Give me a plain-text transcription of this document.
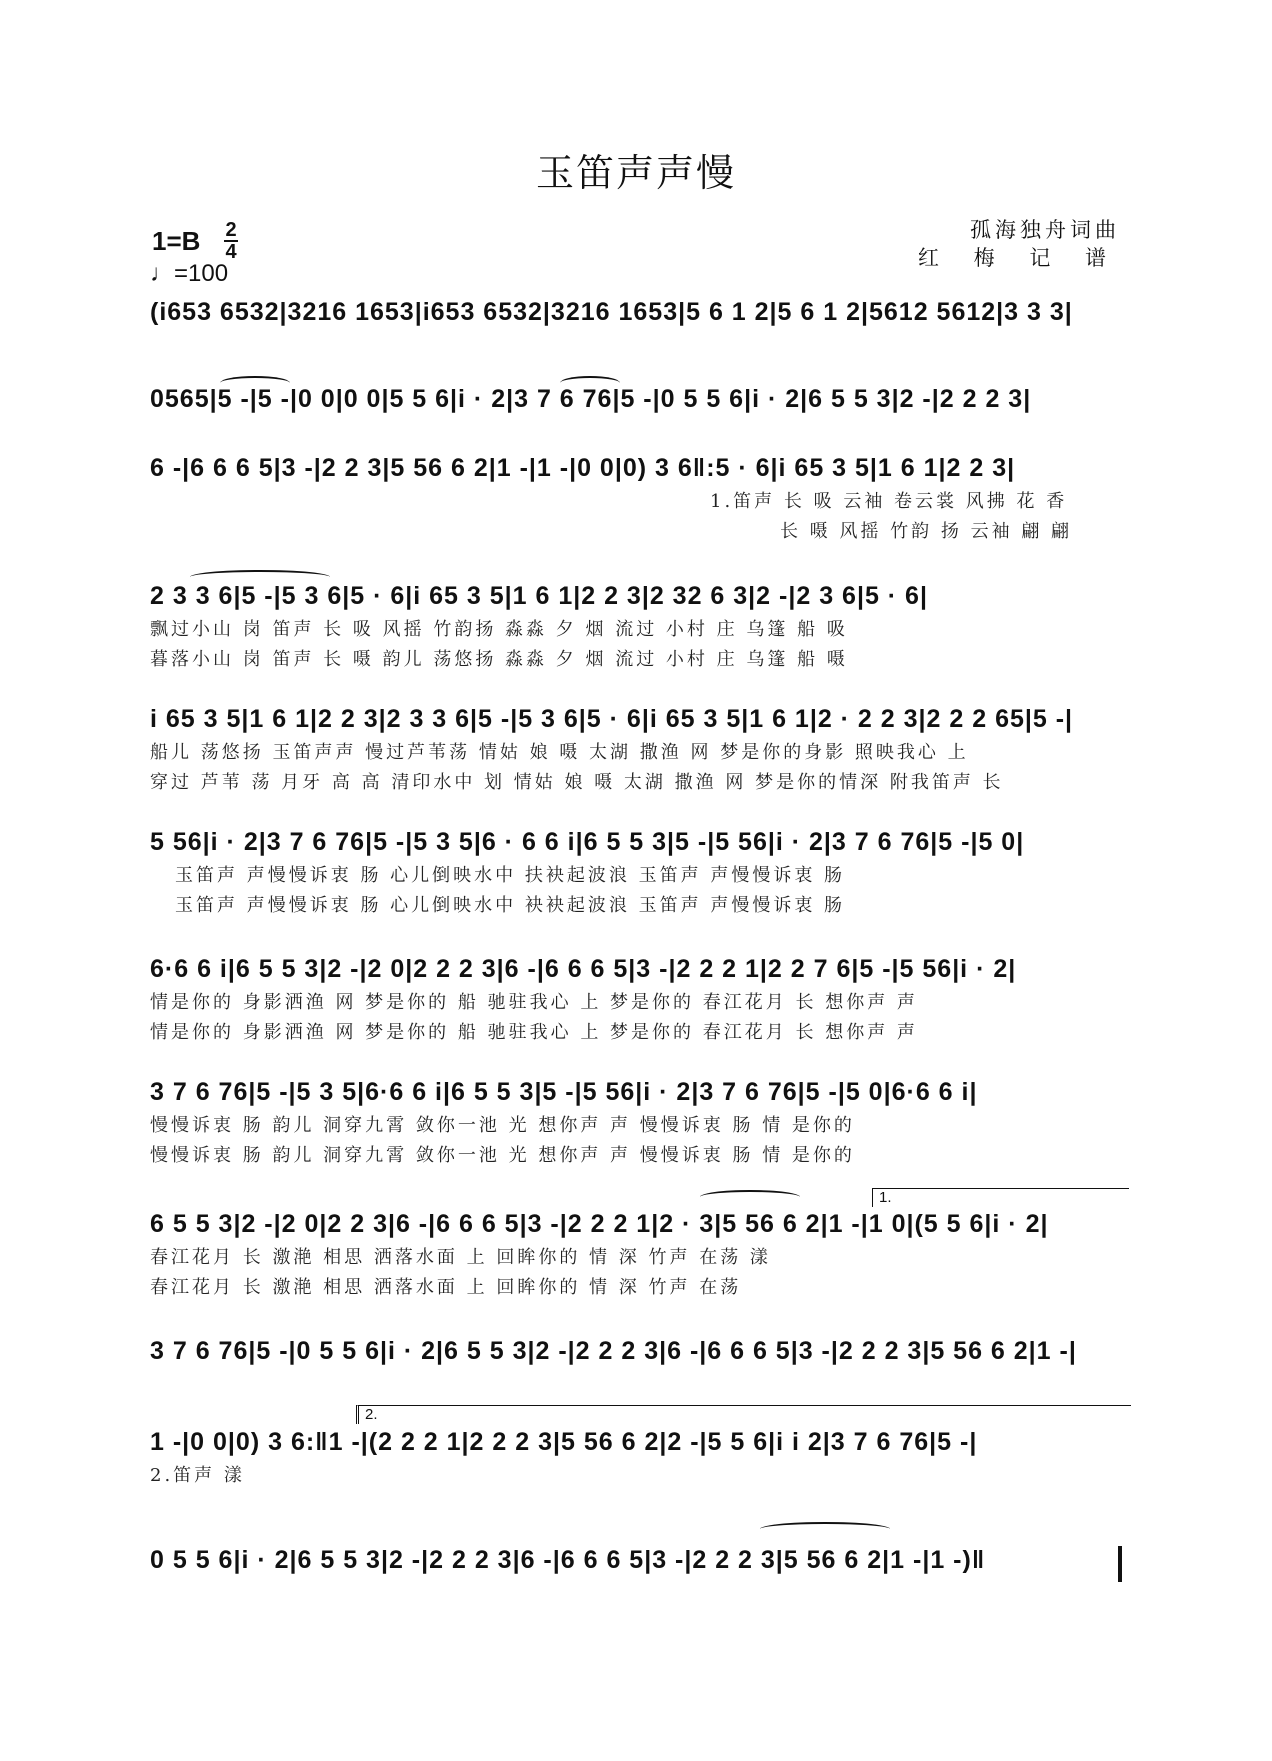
玉笛声声慢
1=B 2
4
♩=100
孤海独舟词曲
红 梅 记 谱
(i653 6532|3216 1653|i653 6532|3216 1653|5 6 1 2|5 6 1 2|5612 5612|3 3 3|
0565|5 -|5 -|0 0|0 0|5 5 6|i · 2|3 7 6 76|5 -|0 5 5 6|i · 2|6 5 5 3|2 -|2 2 2 3|
6 -|6 6 6 5|3 -|2 2 3|5 56 6 2|1 -|1 -|0 0|0) 3 6‖:5 · 6|i 65 3 5|1 6 1|2 2 3|
1.笛声 长 吸 云袖 卷云裳 风拂 花 香
长 嗫 风摇 竹韵 扬 云袖 翩 翩
2 3 3 6|5 -|5 3 6|5 · 6|i 65 3 5|1 6 1|2 2 3|2 32 6 3|2 -|2 3 6|5 · 6|
飘过小山 岗 笛声 长 吸 风摇 竹韵扬 淼淼 夕 烟 流过 小村 庄 乌篷 船 吸
暮落小山 岗 笛声 长 嗫 韵儿 荡悠扬 淼淼 夕 烟 流过 小村 庄 乌篷 船 嗫
i 65 3 5|1 6 1|2 2 3|2 3 3 6|5 -|5 3 6|5 · 6|i 65 3 5|1 6 1|2 · 2 2 3|2 2 2 65|5 -|
船儿 荡悠扬 玉笛声声 慢过芦苇荡 情姑 娘 嗫 太湖 撒渔 网 梦是你的身影 照映我心 上
穿过 芦苇 荡 月牙 高 高 清印水中 划 情姑 娘 嗫 太湖 撒渔 网 梦是你的情深 附我笛声 长
5 56|i · 2|3 7 6 76|5 -|5 3 5|6 · 6 6 i|6 5 5 3|5 -|5 56|i · 2|3 7 6 76|5 -|5 0|
玉笛声 声慢慢诉衷 肠 心儿倒映水中 扶袂起波浪 玉笛声 声慢慢诉衷 肠
玉笛声 声慢慢诉衷 肠 心儿倒映水中 袂袂起波浪 玉笛声 声慢慢诉衷 肠
6·6 6 i|6 5 5 3|2 -|2 0|2 2 2 3|6 -|6 6 6 5|3 -|2 2 2 1|2 2 7 6|5 -|5 56|i · 2|
情是你的 身影洒渔 网 梦是你的 船 驰驻我心 上 梦是你的 春江花月 长 想你声 声
情是你的 身影洒渔 网 梦是你的 船 驰驻我心 上 梦是你的 春江花月 长 想你声 声
3 7 6 76|5 -|5 3 5|6·6 6 i|6 5 5 3|5 -|5 56|i · 2|3 7 6 76|5 -|5 0|6·6 6 i|
慢慢诉衷 肠 韵儿 洞穿九霄 敛你一池 光 想你声 声 慢慢诉衷 肠 情 是你的
慢慢诉衷 肠 韵儿 洞穿九霄 敛你一池 光 想你声 声 慢慢诉衷 肠 情 是你的
1.
6 5 5 3|2 -|2 0|2 2 3|6 -|6 6 6 5|3 -|2 2 2 1|2 · 3|5 56 6 2|1 -|1 0|(5 5 6|i · 2|
春江花月 长 激滟 相思 洒落水面 上 回眸你的 情 深 竹声 在荡 漾
春江花月 长 激滟 相思 洒落水面 上 回眸你的 情 深 竹声 在荡
3 7 6 76|5 -|0 5 5 6|i · 2|6 5 5 3|2 -|2 2 2 3|6 -|6 6 6 5|3 -|2 2 2 3|5 56 6 2|1 -|
2.
1 -|0 0|0) 3 6:‖1 -|(2 2 2 1|2 2 2 3|5 56 6 2|2 -|5 5 6|i i 2|3 7 6 76|5 -|
2.笛声 漾
0 5 5 6|i · 2|6 5 5 3|2 -|2 2 2 3|6 -|6 6 6 5|3 -|2 2 2 3|5 56 6 2|1 -|1 -)‖
